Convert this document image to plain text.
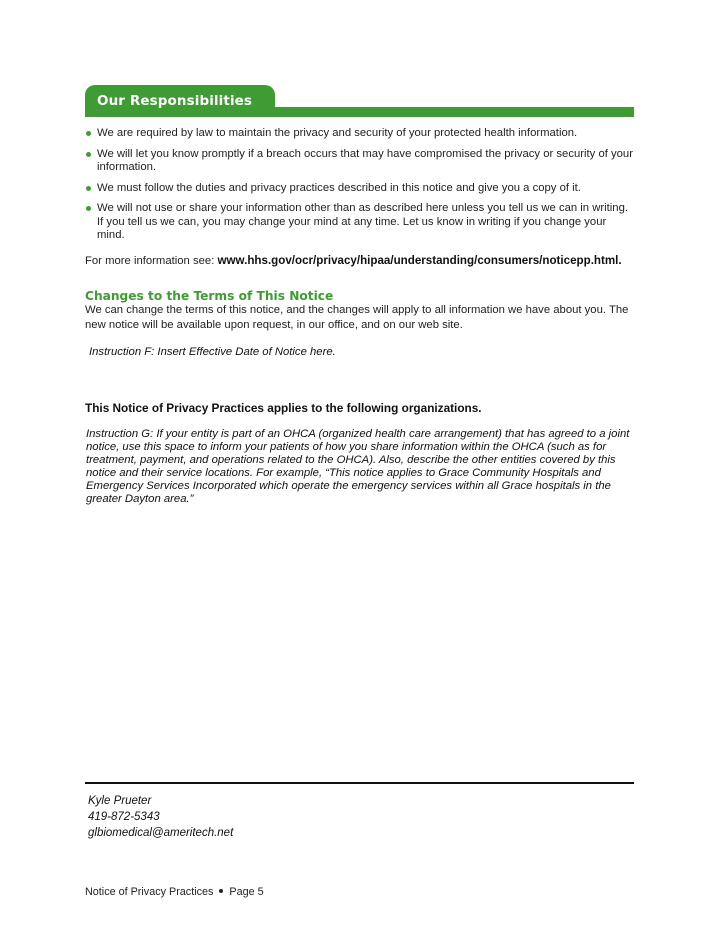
Our Responsibilities
We are required by law to maintain the privacy and security of your protected health information.
We will let you know promptly if a breach occurs that may have compromised the privacy or security of your information.
We must follow the duties and privacy practices described in this notice and give you a copy of it.
We will not use or share your information other than as described here unless you tell us we can in writing. If you tell us we can, you may change your mind at any time. Let us know in writing if you change your mind.
For more information see: www.hhs.gov/ocr/privacy/hipaa/understanding/consumers/noticepp.html.
Changes to the Terms of This Notice
We can change the terms of this notice, and the changes will apply to all information we have about you. The new notice will be available upon request, in our office, and on our web site.
Instruction F: Insert Effective Date of Notice here.
This Notice of Privacy Practices applies to the following organizations.
Instruction G: If your entity is part of an OHCA (organized health care arrangement) that has agreed to a joint notice, use this space to inform your patients of how you share information within the OHCA (such as for treatment, payment, and operations related to the OHCA). Also, describe the other entities covered by this notice and their service locations. For example, “This notice applies to Grace Community Hospitals and Emergency Services Incorporated which operate the emergency services within all Grace hospitals in the greater Dayton area.”
Kyle Prueter
419-872-5343
glbiomedical@ameritech.net
Notice of Privacy Practices Page 5
